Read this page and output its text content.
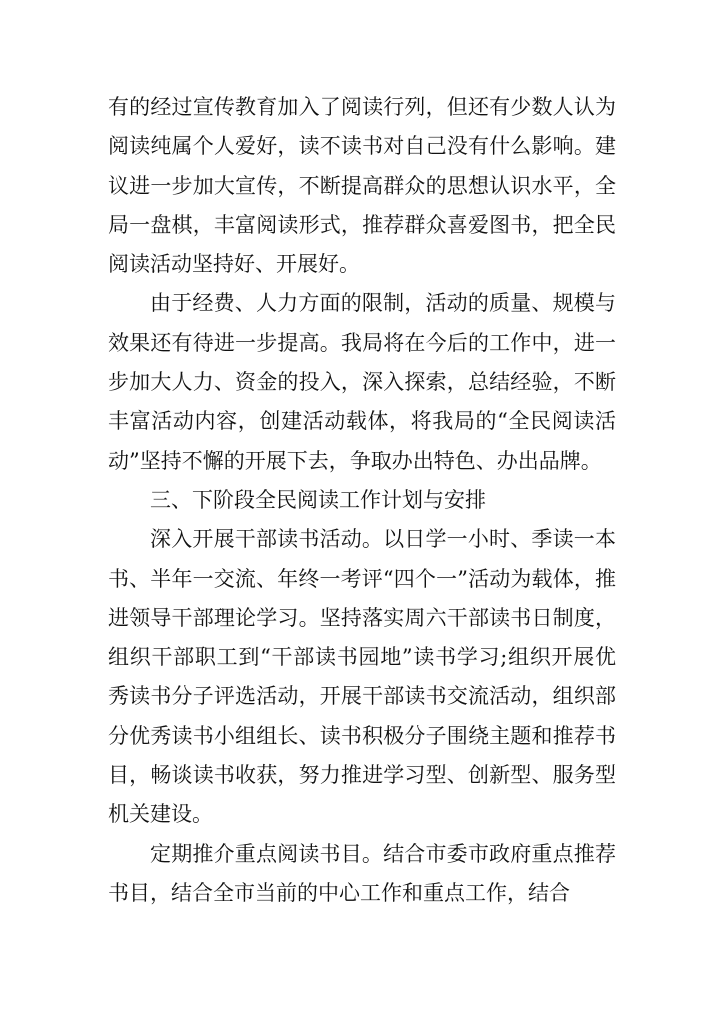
有的经过宣传教育加入了阅读行列，但还有少数人认为阅读纯属个人爱好，读不读书对自己没有什么影响。建议进一步加大宣传，不断提高群众的思想认识水平，全局一盘棋，丰富阅读形式，推荐群众喜爱图书，把全民阅读活动坚持好、开展好。

由于经费、人力方面的限制，活动的质量、规模与效果还有待进一步提高。我局将在今后的工作中，进一步加大人力、资金的投入，深入探索，总结经验，不断丰富活动内容，创建活动载体，将我局的“全民阅读活动”坚持不懈的开展下去，争取办出特色、办出品牌。

三、下阶段全民阅读工作计划与安排

深入开展干部读书活动。以日学一小时、季读一本书、半年一交流、年终一考评“四个一”活动为载体，推进领导干部理论学习。坚持落实周六干部读书日制度，组织干部职工到“干部读书园地”读书学习;组织开展优秀读书分子评选活动，开展干部读书交流活动，组织部分优秀读书小组组长、读书积极分子围绕主题和推荐书目，畅谈读书收获，努力推进学习型、创新型、服务型机关建设。

定期推介重点阅读书目。结合市委市政府重点推荐书目，结合全市当前的中心工作和重点工作，结合
